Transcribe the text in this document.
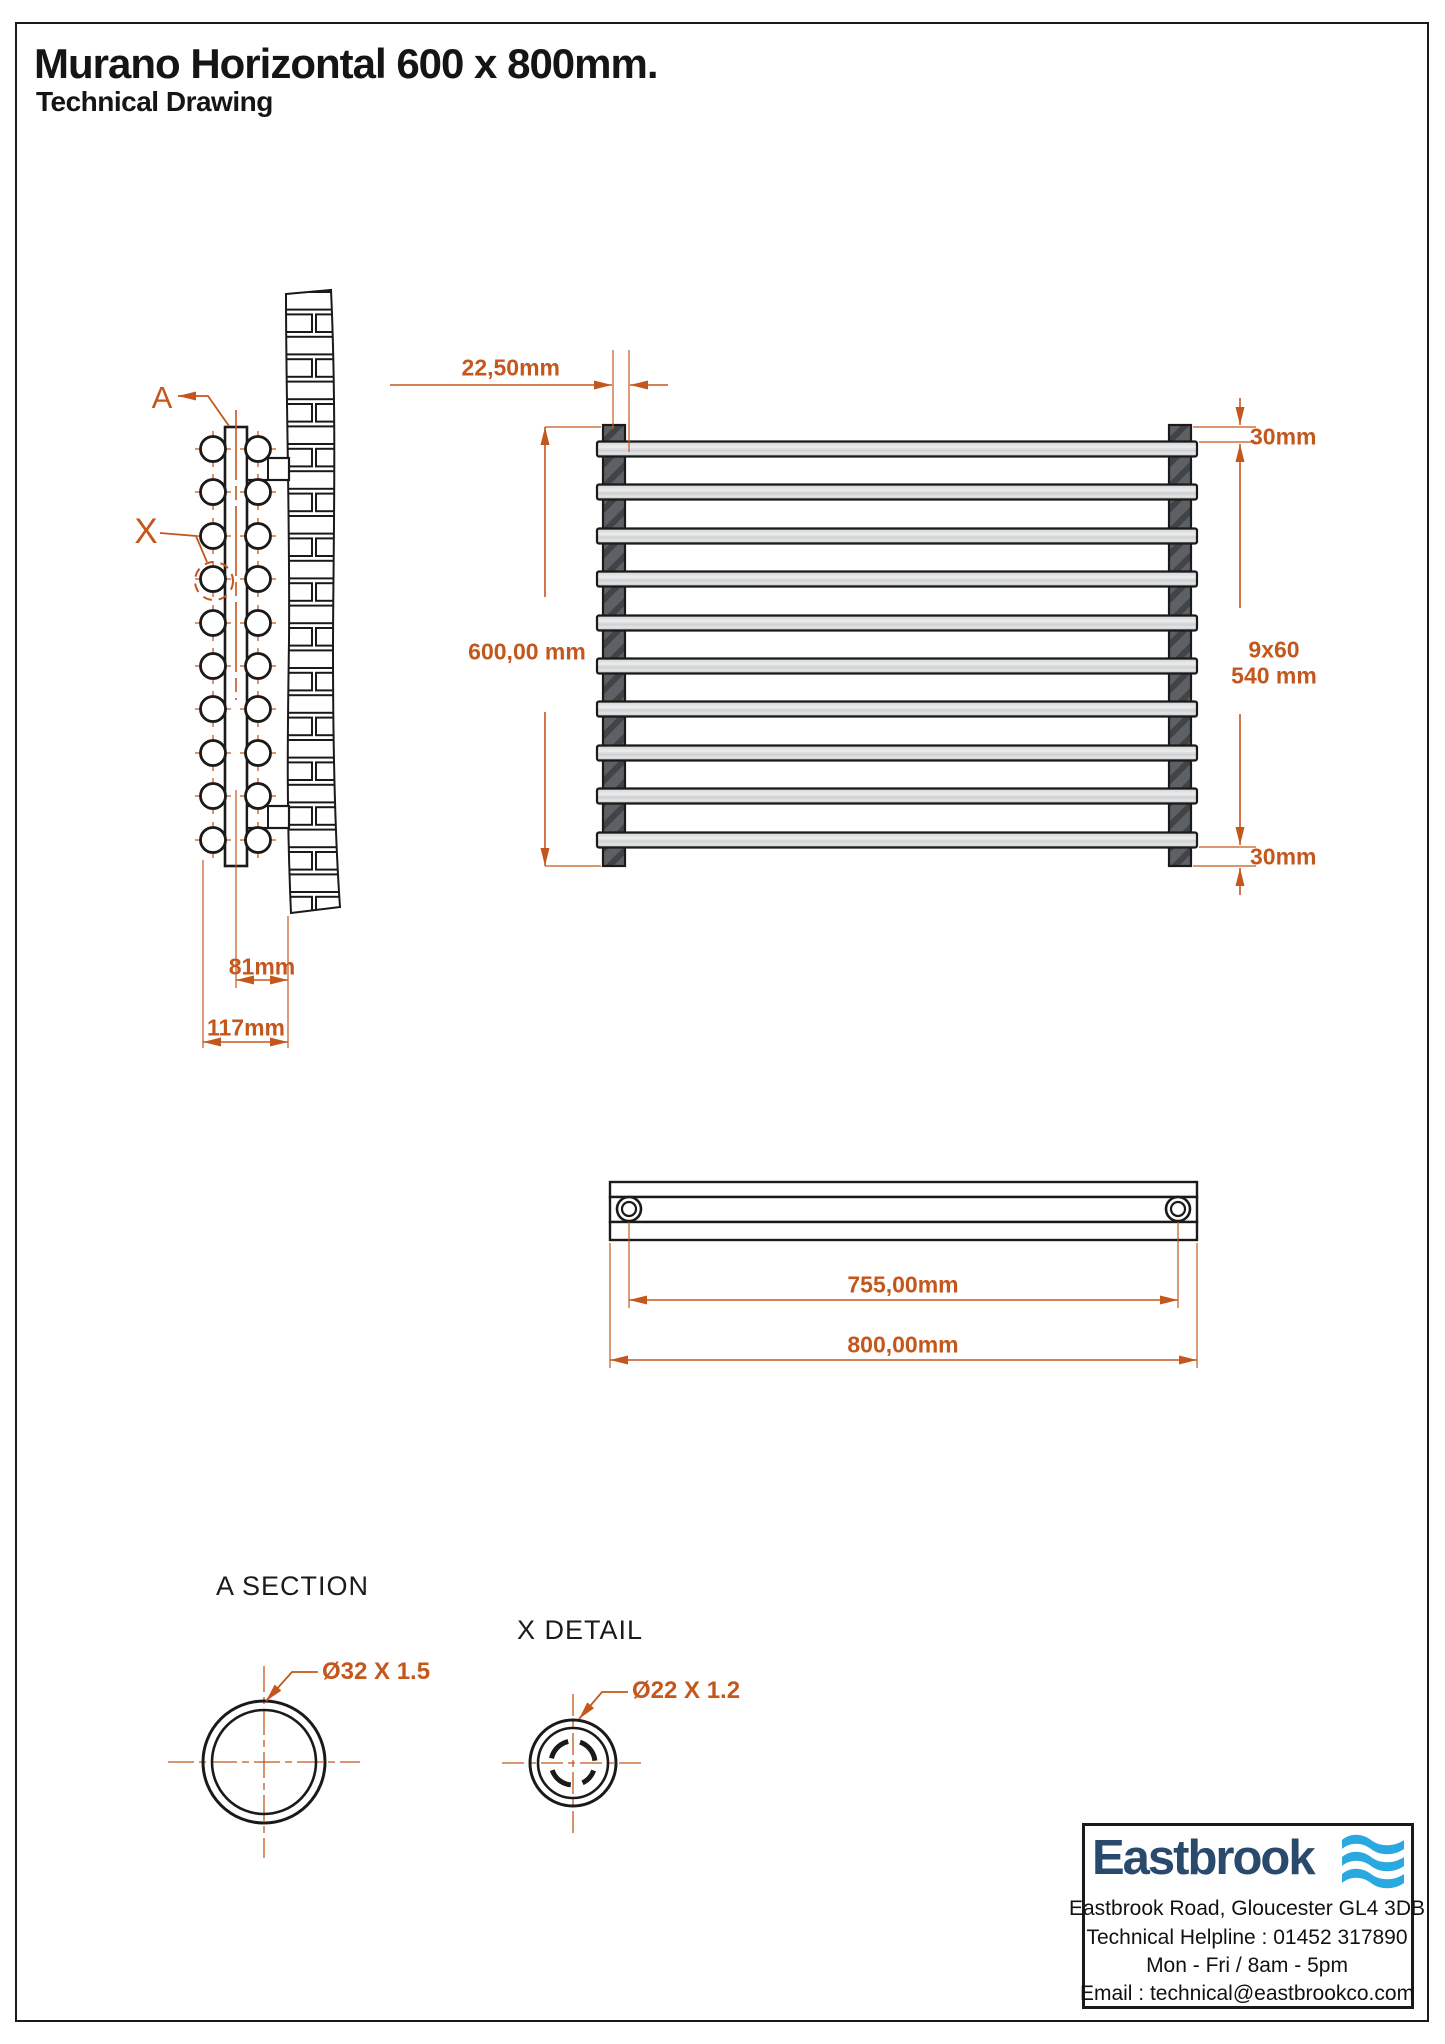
Murano Horizontal 600 x 800mm.
Technical Drawing
A
X
81mm
117mm
22,50mm
600,00 mm
30mm
9x60
540 mm
30mm
755,00mm
800,00mm
A SECTION
X DETAIL
Ø32 X 1.5
Ø22 X 1.2
Eastbrook
Eastbrook Road, Gloucester GL4 3DB
Technical Helpline : 01452 317890
Mon - Fri / 8am - 5pm
Email : technical@eastbrookco.com
